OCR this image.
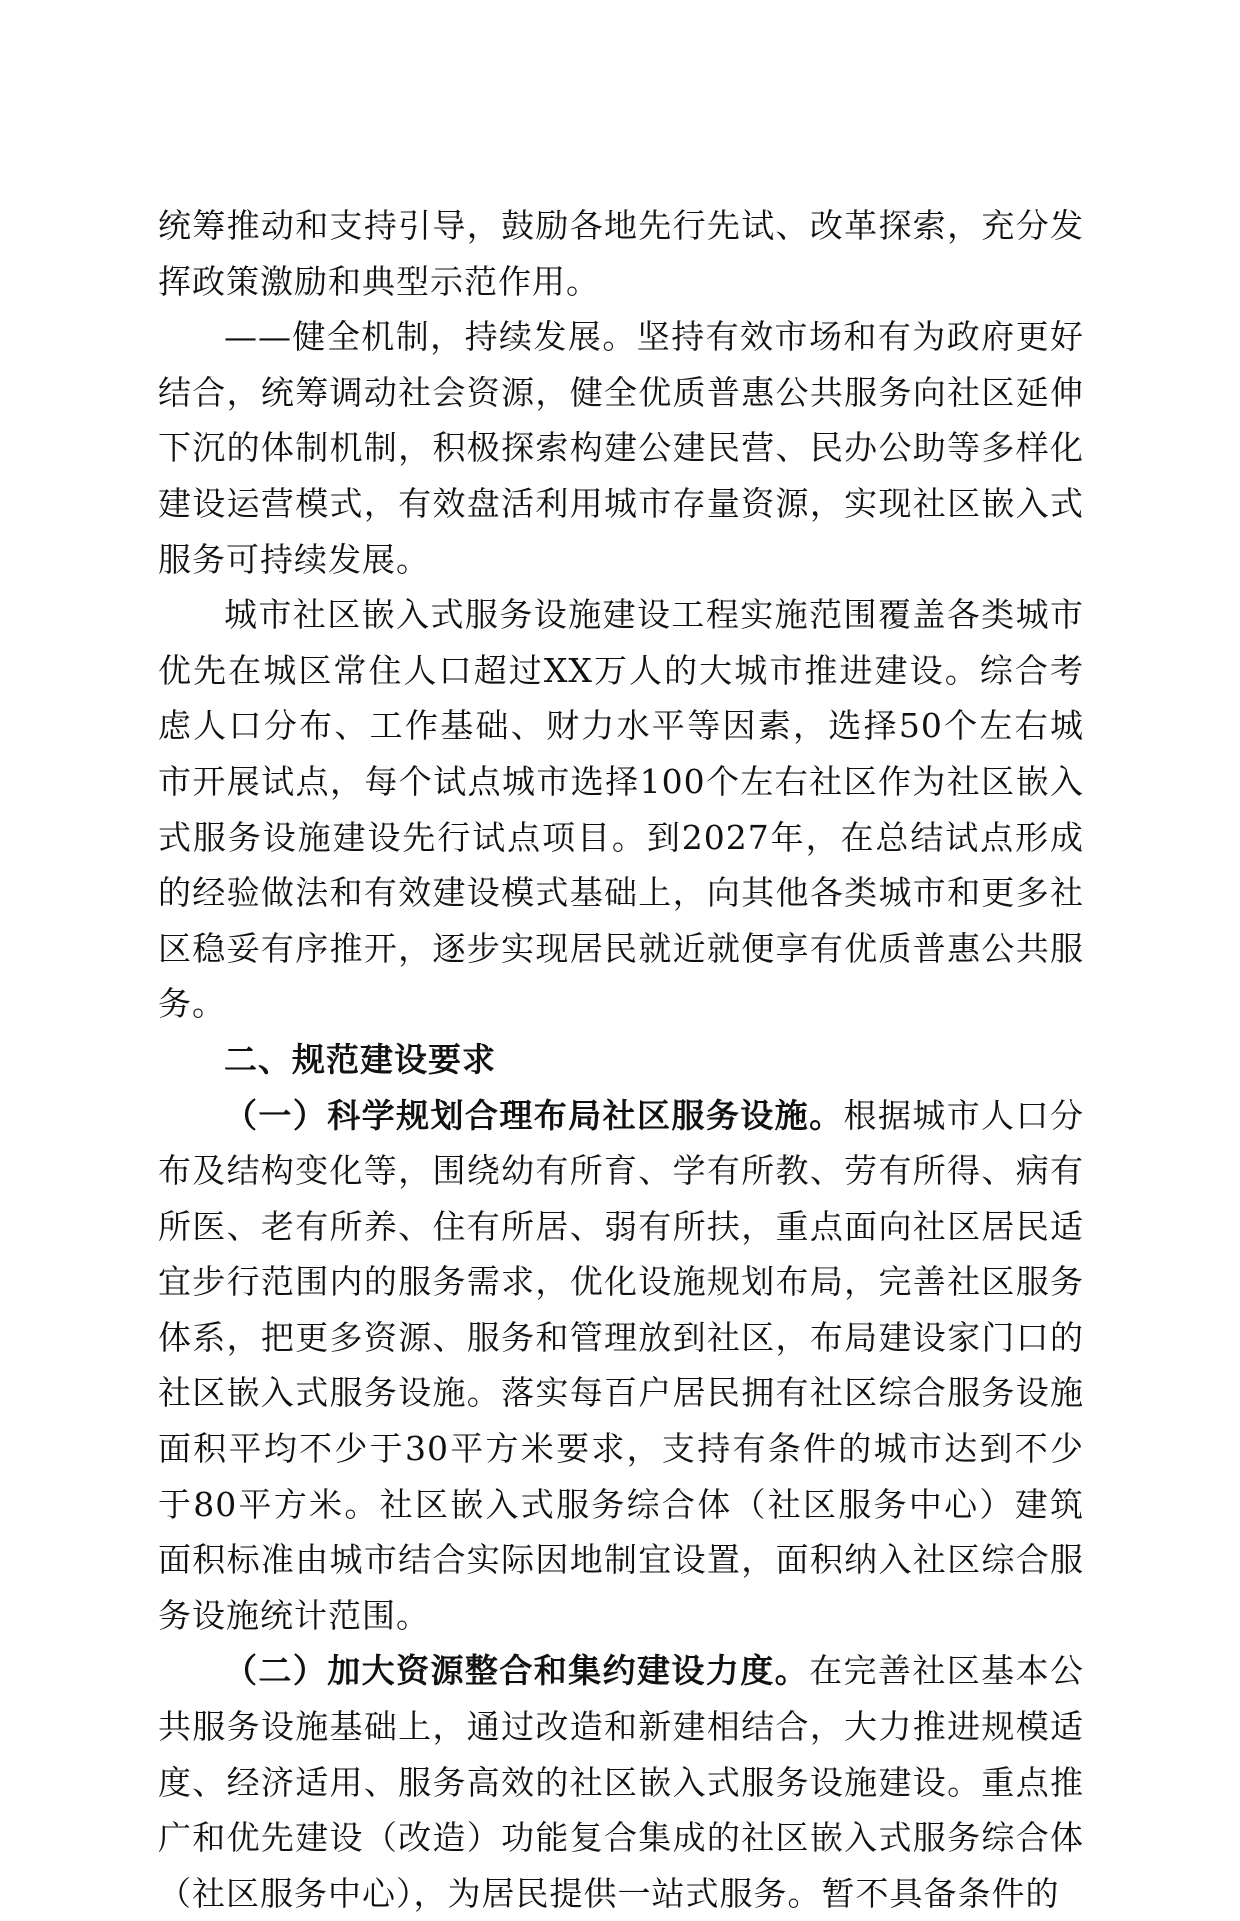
统筹推动和支持引导，鼓励各地先行先试、改革探索，充分发挥政策激励和典型示范作用。

——健全机制，持续发展。坚持有效市场和有为政府更好结合，统筹调动社会资源，健全优质普惠公共服务向社区延伸下沉的体制机制，积极探索构建公建民营、民办公助等多样化建设运营模式，有效盘活利用城市存量资源，实现社区嵌入式服务可持续发展。

城市社区嵌入式服务设施建设工程实施范围覆盖各类城市优先在城区常住人口超过XX万人的大城市推进建设。综合考虑人口分布、工作基础、财力水平等因素，选择50个左右城市开展试点，每个试点城市选择100个左右社区作为社区嵌入式服务设施建设先行试点项目。到2027年，在总结试点形成的经验做法和有效建设模式基础上，向其他各类城市和更多社区稳妥有序推开，逐步实现居民就近就便享有优质普惠公共服务。

二、规范建设要求

（一）科学规划合理布局社区服务设施。根据城市人口分布及结构变化等，围绕幼有所育、学有所教、劳有所得、病有所医、老有所养、住有所居、弱有所扶，重点面向社区居民适宜步行范围内的服务需求，优化设施规划布局，完善社区服务体系，把更多资源、服务和管理放到社区，布局建设家门口的社区嵌入式服务设施。落实每百户居民拥有社区综合服务设施面积平均不少于30平方米要求，支持有条件的城市达到不少于80平方米。社区嵌入式服务综合体（社区服务中心）建筑面积标准由城市结合实际因地制宜设置，面积纳入社区综合服务设施统计范围。

（二）加大资源整合和集约建设力度。在完善社区基本公共服务设施基础上，通过改造和新建相结合，大力推进规模适度、经济适用、服务高效的社区嵌入式服务设施建设。重点推广和优先建设（改造）功能复合集成的社区嵌入式服务综合体（社区服务中心），为居民提供一站式服务。暂不具备条件的
